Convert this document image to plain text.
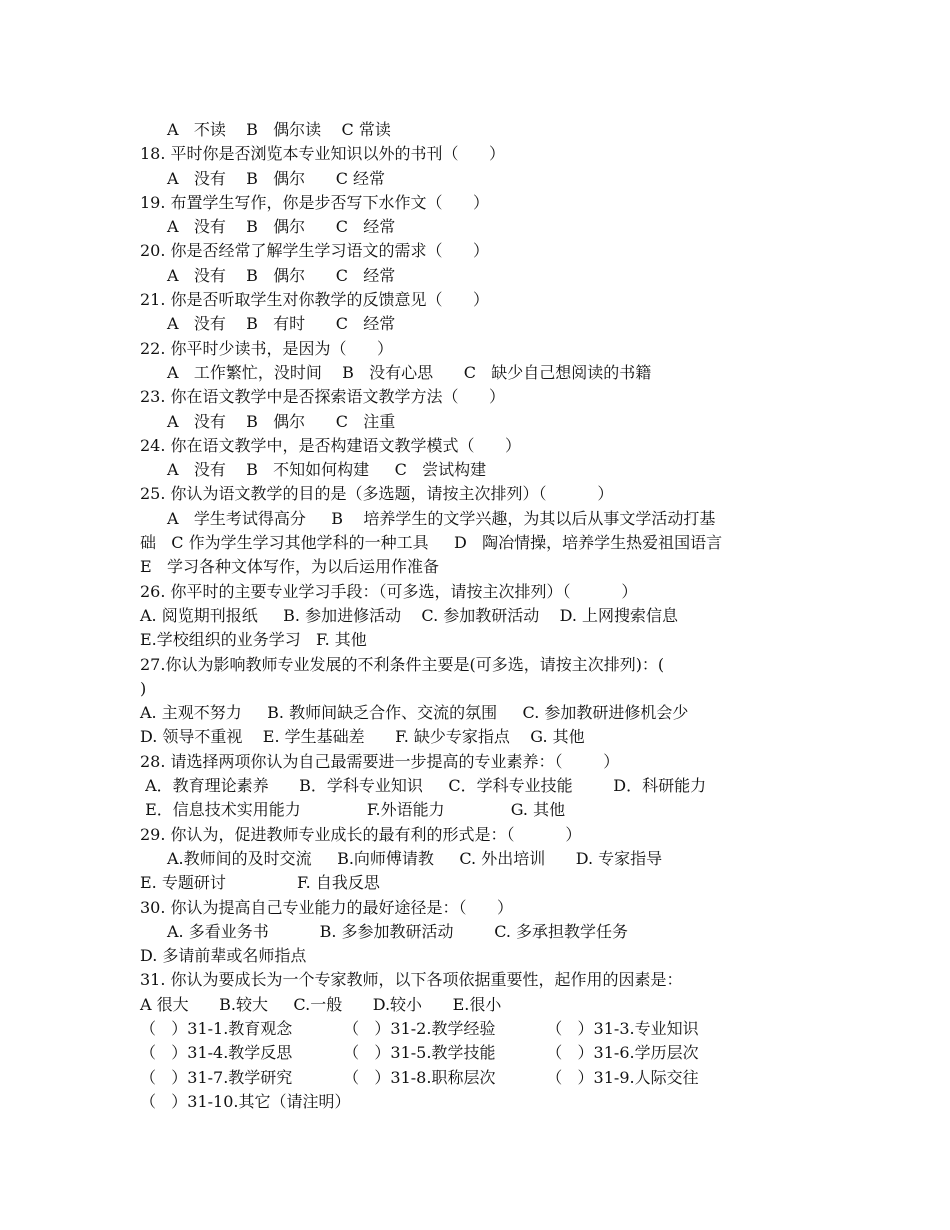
A   不读    B   偶尔读    C 常读
18. 平时你是否浏览本专业知识以外的书刊（      ）
A   没有    B   偶尔      C 经常
19. 布置学生写作，你是步否写下水作文（      ）
A   没有    B   偶尔      C   经常
20. 你是否经常了解学生学习语文的需求（      ）
A   没有    B   偶尔      C   经常
21. 你是否听取学生对你教学的反馈意见（      ）
A   没有    B   有时      C   经常
22. 你平时少读书，是因为（      ）
A   工作繁忙，没时间    B   没有心思      C   缺少自己想阅读的书籍
23. 你在语文教学中是否探索语文教学方法（      ）
A   没有    B   偶尔      C   注重
24. 你在语文教学中，是否构建语文教学模式（      ）
A   没有    B   不知如何构建     C   尝试构建
25. 你认为语文教学的目的是（多选题，请按主次排列）（          ）
A   学生考试得高分     B    培养学生的文学兴趣，为其以后从事文学活动打基
础   C 作为学生学习其他学科的一种工具     D   陶冶情操，培养学生热爱祖国语言
E   学习各种文体写作，为以后运用作准备
26. 你平时的主要专业学习手段：（可多选，请按主次排列）（          ）
A. 阅览期刊报纸     B. 参加进修活动    C. 参加教研活动    D. 上网搜索信息
E.学校组织的业务学习   F. 其他
27.你认为影响教师专业发展的不利条件主要是(可多选，请按主次排列)：(
)
A. 主观不努力     B. 教师间缺乏合作、交流的氛围     C. 参加教研进修机会少
D. 领导不重视    E. 学生基础差      F. 缺少专家指点    G. 其他
28. 请选择两项你认为自己最需要进一步提高的专业素养：（        ）
A．教育理论素养      B．学科专业知识     C．学科专业技能        D．科研能力
E．信息技术实用能力             F.外语能力             G. 其他
29. 你认为，促进教师专业成长的最有利的形式是：（          ）
A.教师间的及时交流     B.向师傅请教     C. 外出培训      D. 专家指导
E. 专题研讨              F. 自我反思
30. 你认为提高自己专业能力的最好途径是：（      ）
A. 多看业务书          B. 多参加教研活动        C. 多承担教学任务
D. 多请前辈或名师指点
31. 你认为要成长为一个专家教师，以下各项依据重要性，起作用的因素是：
A 很大      B.较大     C.一般      D.较小      E.很小
（   ）31-1.教育观念          （   ）31-2.教学经验          （   ）31-3.专业知识
（   ）31-4.教学反思          （   ）31-5.教学技能          （   ）31-6.学历层次
（   ）31-7.教学研究          （   ）31-8.职称层次          （   ）31-9.人际交往
（   ）31-10.其它（请注明）
